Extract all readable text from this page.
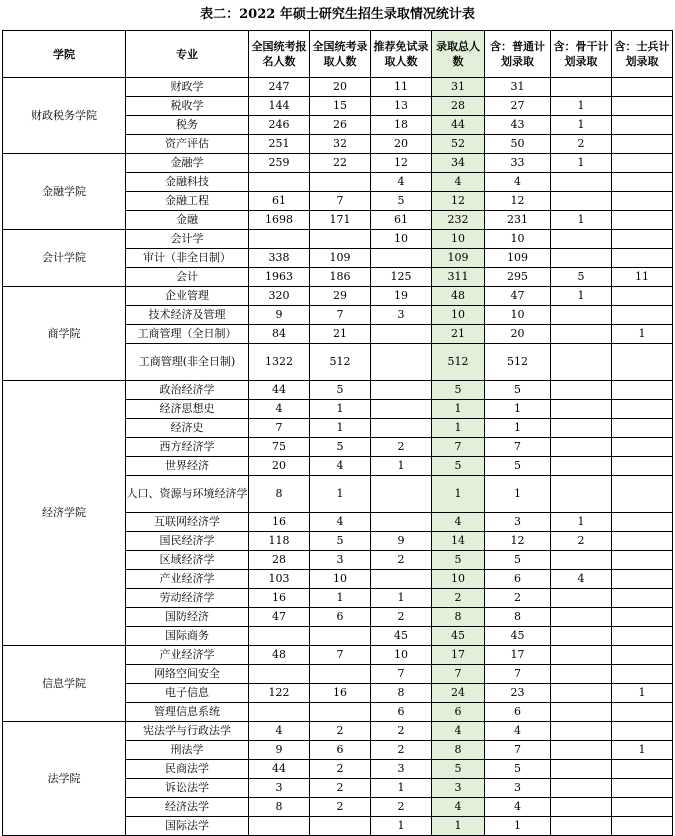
表二：2022 年硕士研究生招生录取情况统计表
学院	专业	全国统考报名人数	全国统考录取人数	推荐免试录取人数	录取总人数	含：普通计划录取	含：骨干计划录取	含：士兵计划录取
财政税务学院	财政学	247	20	11	31	31		
	税收学	144	15	13	28	27	1	
	税务	246	26	18	44	43	1	
	资产评估	251	32	20	52	50	2	
金融学院	金融学	259	22	12	34	33	1	
	金融科技			4	4	4		
	金融工程	61	7	5	12	12		
	金融	1698	171	61	232	231	1	
会计学院	会计学			10	10	10		
	审计（非全日制）	338	109		109	109		
	会计	1963	186	125	311	295	5	11
商学院	企业管理	320	29	19	48	47	1	
	技术经济及管理	9	7	3	10	10		
	工商管理（全日制）	84	21		21	20		1
	工商管理(非全日制)	1322	512		512	512		
经济学院	政治经济学	44	5		5	5		
	经济思想史	4	1		1	1		
	经济史	7	1		1	1		
	西方经济学	75	5	2	7	7		
	世界经济	20	4	1	5	5		
	人口、资源与环境经济学	8	1		1	1		
	互联网经济学	16	4		4	3	1	
	国民经济学	118	5	9	14	12	2	
	区域经济学	28	3	2	5	5		
	产业经济学	103	10		10	6	4	
	劳动经济学	16	1	1	2	2		
	国防经济	47	6	2	8	8		
	国际商务			45	45	45		
信息学院	产业经济学	48	7	10	17	17		
	网络空间安全			7	7	7		
	电子信息	122	16	8	24	23		1
	管理信息系统			6	6	6		
法学院	宪法学与行政法学	4	2	2	4	4		
	刑法学	9	6	2	8	7		1
	民商法学	44	2	3	5	5		
	诉讼法学	3	2	1	3	3		
	经济法学	8	2	2	4	4		
	国际法学			1	1	1		
